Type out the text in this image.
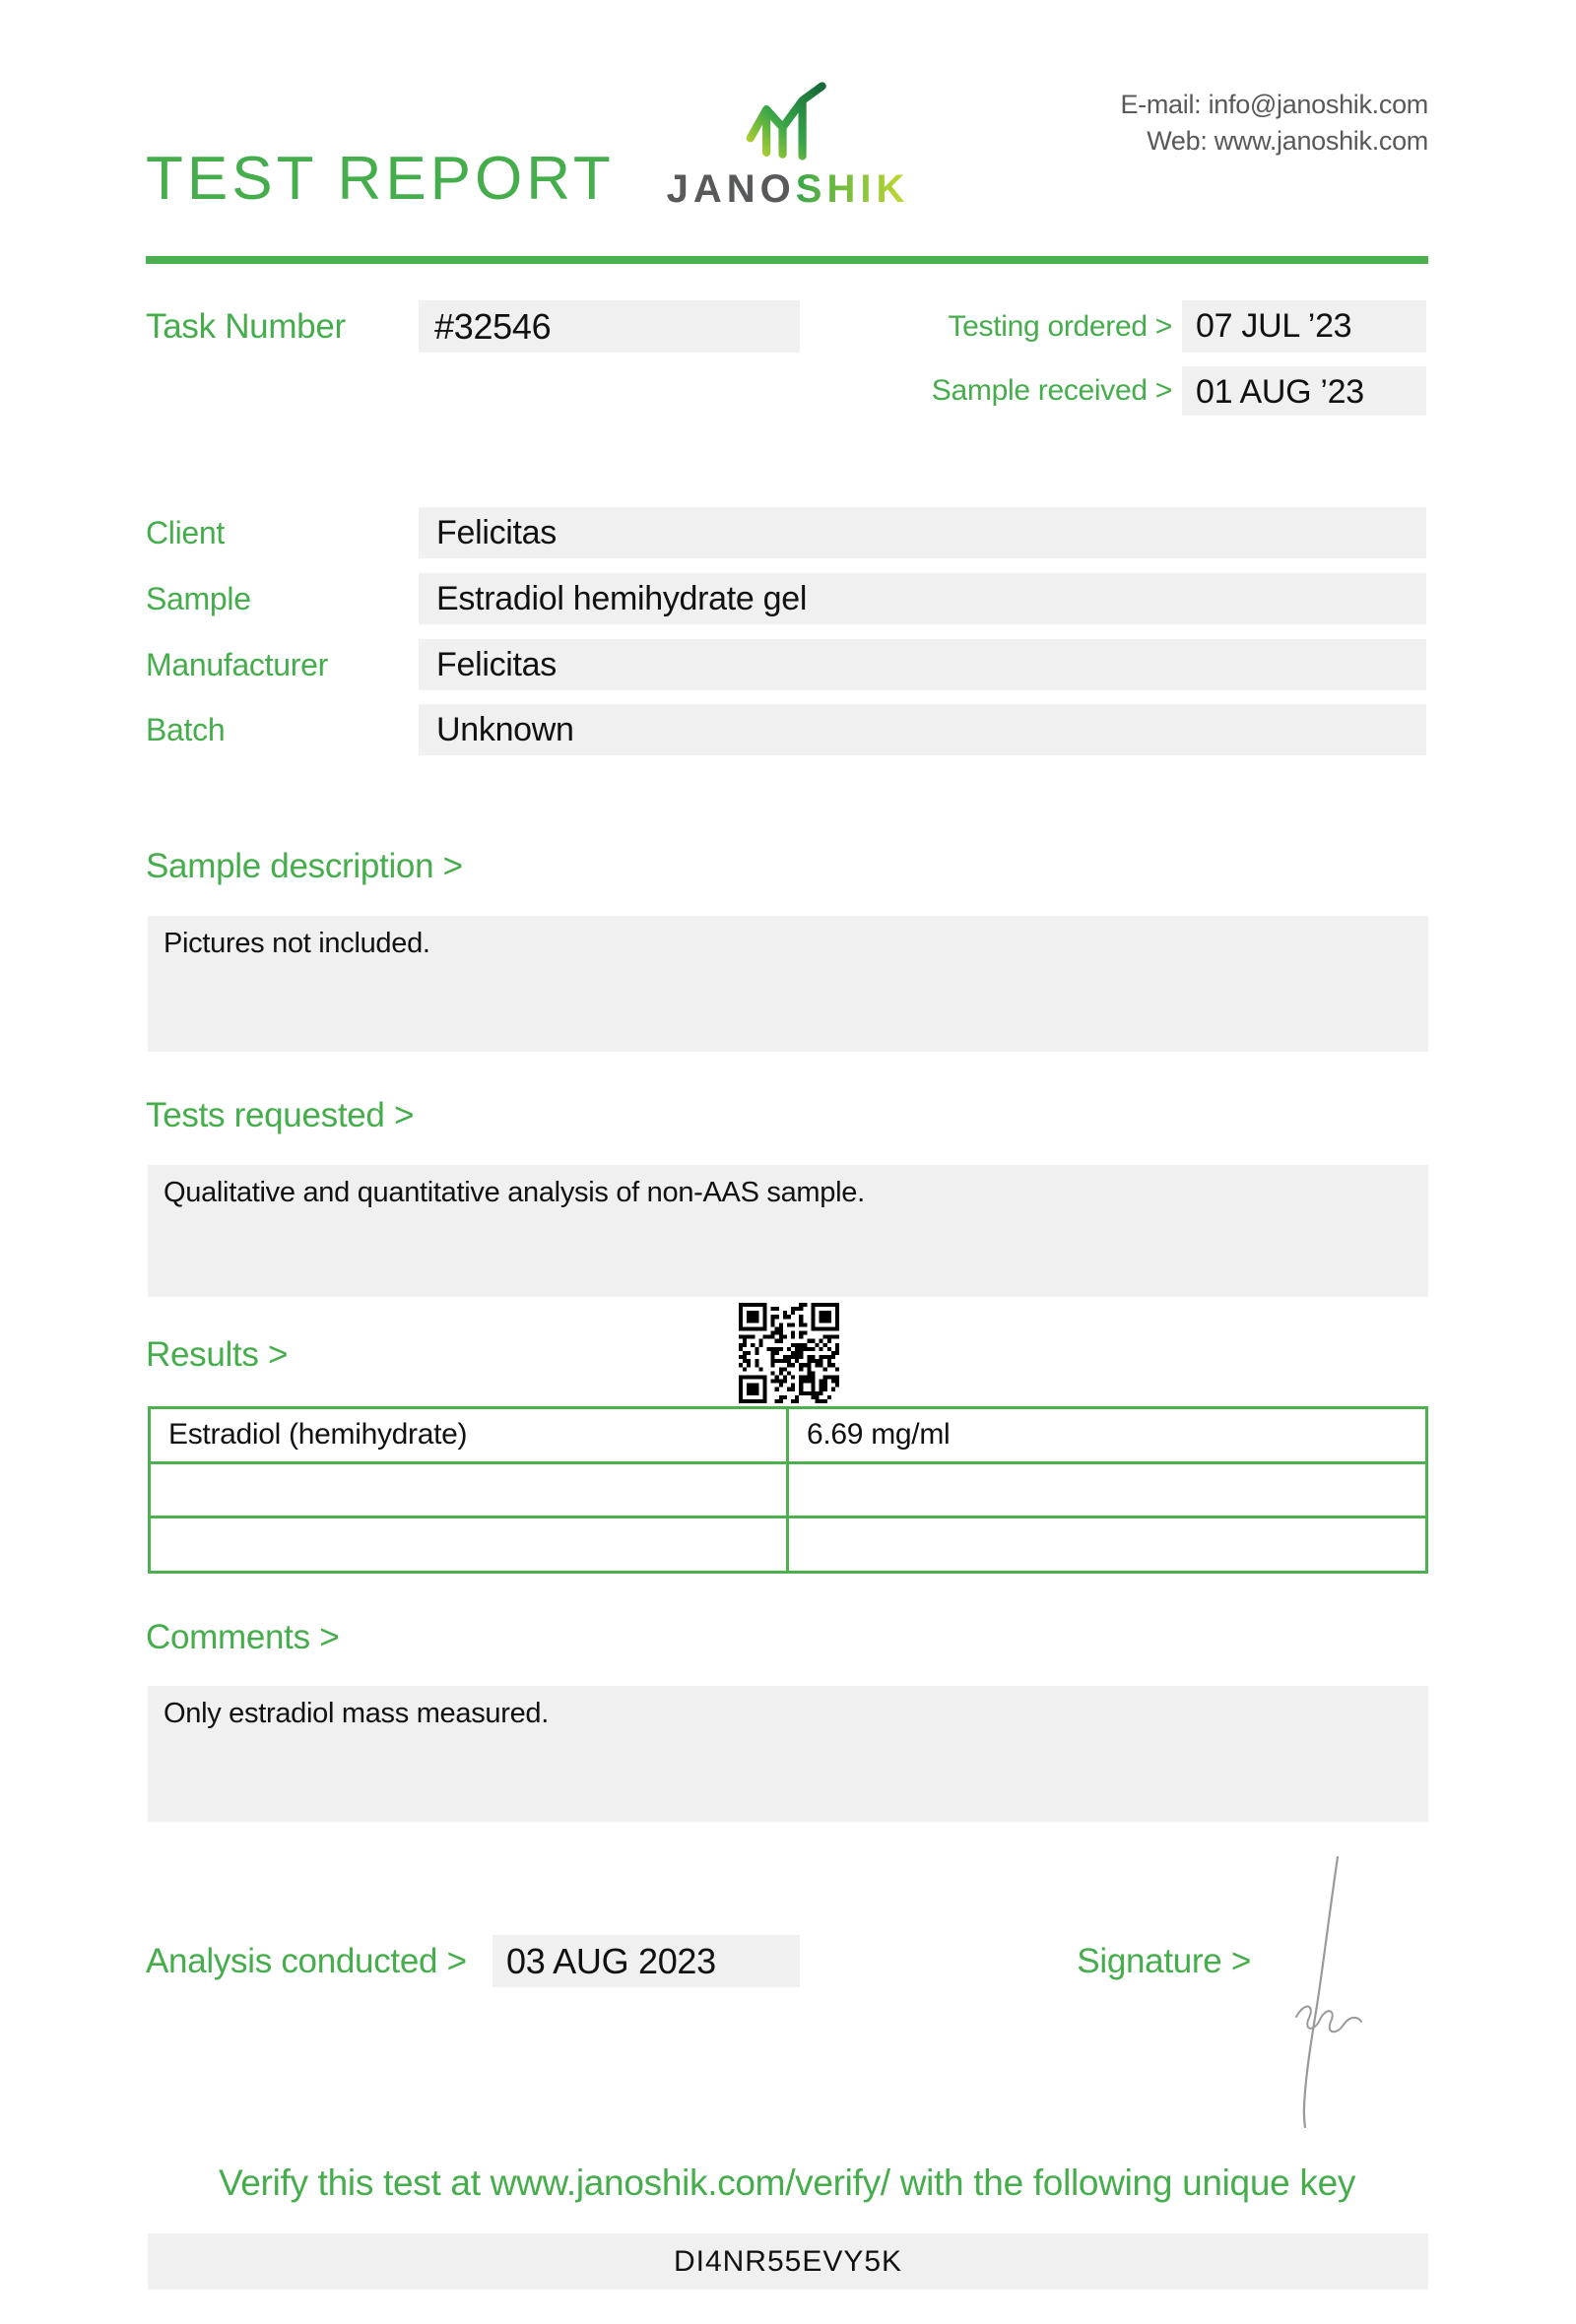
TEST REPORT	JANOSHIK
E-mail: info@janoshik.com
Web: www.janoshik.com
Task Number	#32546	Testing ordered > 07 JUL ’23
Sample received > 01 AUG ’23
Client	Felicitas
Sample	Estradiol hemihydrate gel
Manufacturer	Felicitas
Batch	Unknown
Sample description >
Pictures not included.
Tests requested >
Qualitative and quantitative analysis of non-AAS sample.
Results >
Estradiol (hemihydrate)	6.69 mg/ml
Comments >
Only estradiol mass measured.
Analysis conducted >	03 AUG 2023	Signature >
Verify this test at www.janoshik.com/verify/ with the following unique key
DI4NR55EVY5K
